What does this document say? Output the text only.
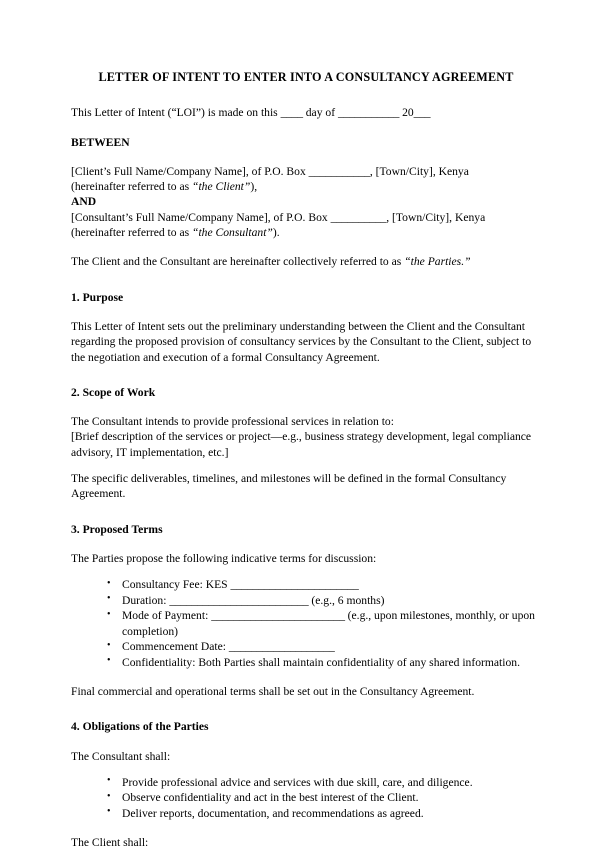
LETTER OF INTENT TO ENTER INTO A CONSULTANCY AGREEMENT

This Letter of Intent (“LOI”) is made on this ____ day of ___________ 20___

BETWEEN

[Client’s Full Name/Company Name], of P.O. Box ___________, [Town/City], Kenya
(hereinafter referred to as “the Client”),
AND
[Consultant’s Full Name/Company Name], of P.O. Box __________, [Town/City], Kenya
(hereinafter referred to as “the Consultant”).

The Client and the Consultant are hereinafter collectively referred to as “the Parties.”

1. Purpose

This Letter of Intent sets out the preliminary understanding between the Client and the Consultant regarding the proposed provision of consultancy services by the Consultant to the Client, subject to the negotiation and execution of a formal Consultancy Agreement.

2. Scope of Work

The Consultant intends to provide professional services in relation to:

[Brief description of the services or project—e.g., business strategy development, legal compliance advisory, IT implementation, etc.]

The specific deliverables, timelines, and milestones will be defined in the formal Consultancy Agreement.

3. Proposed Terms

The Parties propose the following indicative terms for discussion:

• Consultancy Fee: KES _______________________
• Duration: _________________________ (e.g., 6 months)
• Mode of Payment: ________________________ (e.g., upon milestones, monthly, or upon completion)
• Commencement Date: ___________________
• Confidentiality: Both Parties shall maintain confidentiality of any shared information.

Final commercial and operational terms shall be set out in the Consultancy Agreement.

4. Obligations of the Parties

The Consultant shall:

• Provide professional advice and services with due skill, care, and diligence.
• Observe confidentiality and act in the best interest of the Client.
• Deliver reports, documentation, and recommendations as agreed.

The Client shall:
